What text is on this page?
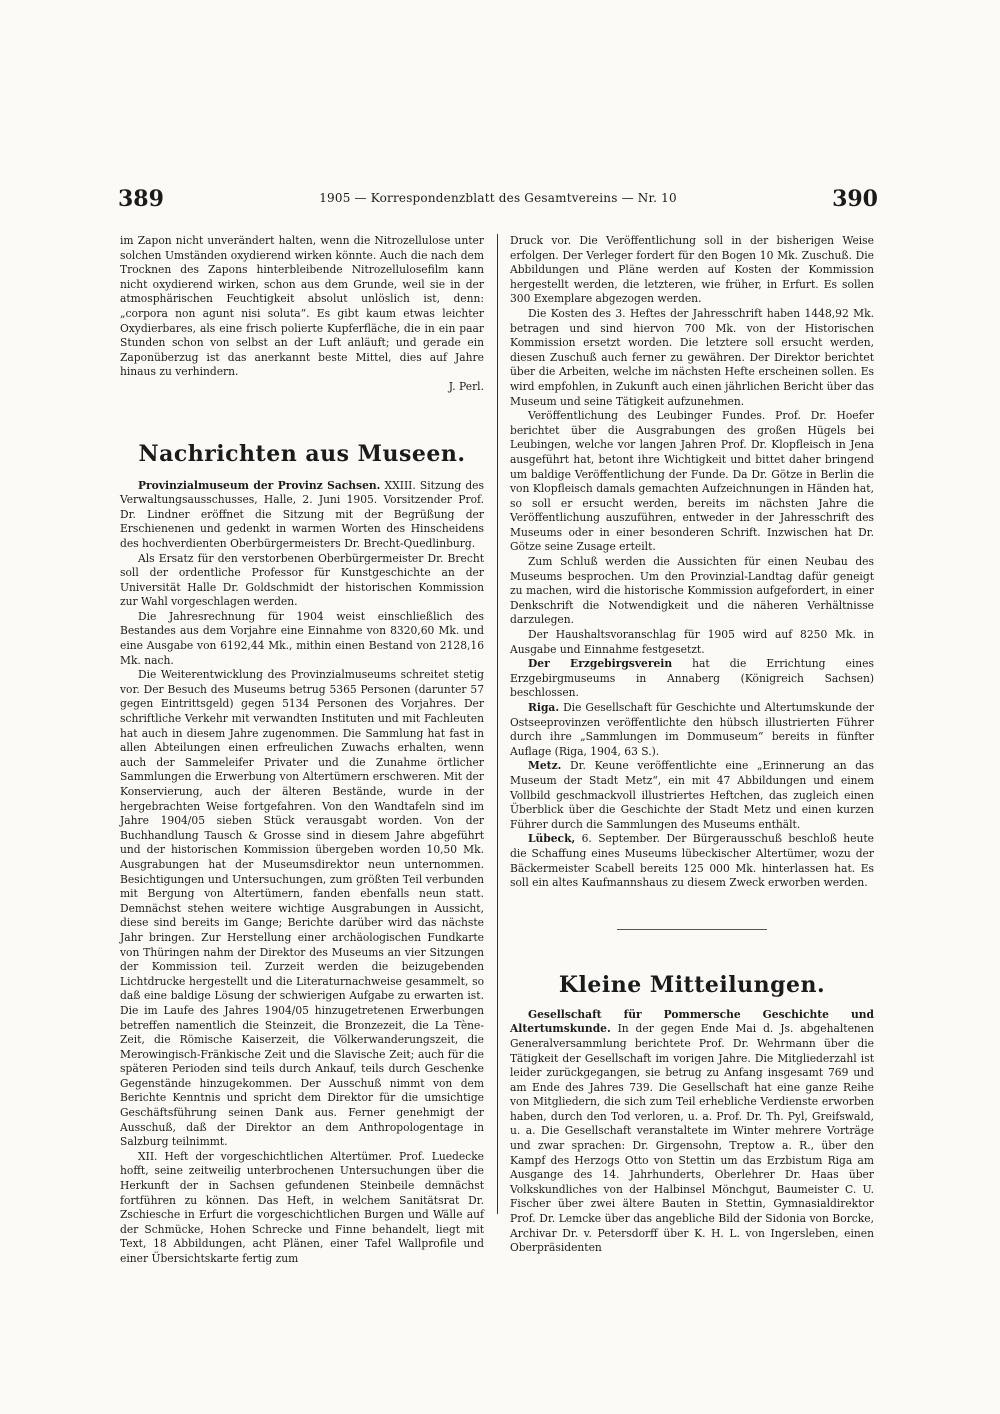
389	1905 — Korrespondenzblatt des Gesamtvereins — Nr. 10	390

im Zapon nicht unverändert halten, wenn die Nitrozellulose unter solchen Umständen oxydierend wirken könnte. Auch die nach dem Trocknen des Zapons hinterbleibende Nitrozellulosefilm kann nicht oxydierend wirken, schon aus dem Grunde, weil sie in der atmosphärischen Feuchtigkeit absolut unlöslich ist, denn: „corpora non agunt nisi soluta“. Es gibt kaum etwas leichter Oxydierbares, als eine frisch polierte Kupferfläche, die in ein paar Stunden schon von selbst an der Luft anläuft; und gerade ein Zaponüberzug ist das anerkannt beste Mittel, dies auf Jahre hinaus zu verhindern.

J. Perl.

Nachrichten aus Museen.

Provinzialmuseum der Provinz Sachsen. XXIII. Sitzung des Verwaltungsausschusses, Halle, 2. Juni 1905. Vorsitzender Prof. Dr. Lindner eröffnet die Sitzung mit der Begrüßung der Erschienenen und gedenkt in warmen Worten des Hinscheidens des hochverdienten Oberbürgermeisters Dr. Brecht-Quedlinburg.

Als Ersatz für den verstorbenen Oberbürgermeister Dr. Brecht soll der ordentliche Professor für Kunstgeschichte an der Universität Halle Dr. Goldschmidt der historischen Kommission zur Wahl vorgeschlagen werden.

Die Jahresrechnung für 1904 weist einschließlich des Bestandes aus dem Vorjahre eine Einnahme von 8320,60 Mk. und eine Ausgabe von 6192,44 Mk., mithin einen Bestand von 2128,16 Mk. nach.

Die Weiterentwicklung des Provinzialmuseums schreitet stetig vor. Der Besuch des Museums betrug 5365 Personen (darunter 57 gegen Eintrittsgeld) gegen 5134 Personen des Vorjahres. Der schriftliche Verkehr mit verwandten Instituten und mit Fachleuten hat auch in diesem Jahre zugenommen. Die Sammlung hat fast in allen Abteilungen einen erfreulichen Zuwachs erhalten, wenn auch der Sammeleifer Privater und die Zunahme örtlicher Sammlungen die Erwerbung von Altertümern erschweren. Mit der Konservierung, auch der älteren Bestände, wurde in der hergebrachten Weise fortgefahren. Von den Wandtafeln sind im Jahre 1904/05 sieben Stück verausgabt worden. Von der Buchhandlung Tausch & Grosse sind in diesem Jahre abgeführt und der historischen Kommission übergeben worden 10,50 Mk. Ausgrabungen hat der Museumsdirektor neun unternommen. Besichtigungen und Untersuchungen, zum größten Teil verbunden mit Bergung von Altertümern, fanden ebenfalls neun statt. Demnächst stehen weitere wichtige Ausgrabungen in Aussicht, diese sind bereits im Gange; Berichte darüber wird das nächste Jahr bringen. Zur Herstellung einer archäologischen Fundkarte von Thüringen nahm der Direktor des Museums an vier Sitzungen der Kommission teil. Zurzeit werden die beizugebenden Lichtdrucke hergestellt und die Literaturnachweise gesammelt, so daß eine baldige Lösung der schwierigen Aufgabe zu erwarten ist. Die im Laufe des Jahres 1904/05 hinzugetretenen Erwerbungen betreffen namentlich die Steinzeit, die Bronzezeit, die La Tène-Zeit, die Römische Kaiserzeit, die Völkerwanderungszeit, die Merowingisch-Fränkische Zeit und die Slavische Zeit; auch für die späteren Perioden sind teils durch Ankauf, teils durch Geschenke Gegenstände hinzugekommen. Der Ausschuß nimmt von dem Berichte Kenntnis und spricht dem Direktor für die umsichtige Geschäftsführung seinen Dank aus. Ferner genehmigt der Ausschuß, daß der Direktor an dem Anthropologentage in Salzburg teilnimmt.

XII. Heft der vorgeschichtlichen Altertümer. Prof. Luedecke hofft, seine zeitweilig unterbrochenen Untersuchungen über die Herkunft der in Sachsen gefundenen Steinbeile demnächst fortführen zu können. Das Heft, in welchem Sanitätsrat Dr. Zschiesche in Erfurt die vorgeschichtlichen Burgen und Wälle auf der Schmücke, Hohen Schrecke und Finne behandelt, liegt mit Text, 18 Abbildungen, acht Plänen, einer Tafel Wallprofile und einer Übersichtskarte fertig zum

Druck vor. Die Veröffentlichung soll in der bisherigen Weise erfolgen. Der Verleger fordert für den Bogen 10 Mk. Zuschuß. Die Abbildungen und Pläne werden auf Kosten der Kommission hergestellt werden, die letzteren, wie früher, in Erfurt. Es sollen 300 Exemplare abgezogen werden.

Die Kosten des 3. Heftes der Jahresschrift haben 1448,92 Mk. betragen und sind hiervon 700 Mk. von der Historischen Kommission ersetzt worden. Die letztere soll ersucht werden, diesen Zuschuß auch ferner zu gewähren. Der Direktor berichtet über die Arbeiten, welche im nächsten Hefte erscheinen sollen. Es wird empfohlen, in Zukunft auch einen jährlichen Bericht über das Museum und seine Tätigkeit aufzunehmen.

Veröffentlichung des Leubinger Fundes. Prof. Dr. Hoefer berichtet über die Ausgrabungen des großen Hügels bei Leubingen, welche vor langen Jahren Prof. Dr. Klopfleisch in Jena ausgeführt hat, betont ihre Wichtigkeit und bittet daher bringend um baldige Veröffentlichung der Funde. Da Dr. Götze in Berlin die von Klopfleisch damals gemachten Aufzeichnungen in Händen hat, so soll er ersucht werden, bereits im nächsten Jahre die Veröffentlichung auszuführen, entweder in der Jahresschrift des Museums oder in einer besonderen Schrift. Inzwischen hat Dr. Götze seine Zusage erteilt.

Zum Schluß werden die Aussichten für einen Neubau des Museums besprochen. Um den Provinzial-Landtag dafür geneigt zu machen, wird die historische Kommission aufgefordert, in einer Denkschrift die Notwendigkeit und die näheren Verhältnisse darzulegen.

Der Haushaltsvoranschlag für 1905 wird auf 8250 Mk. in Ausgabe und Einnahme festgesetzt.

Der Erzgebirgsverein hat die Errichtung eines Erzgebirgmuseums in Annaberg (Königreich Sachsen) beschlossen.

Riga. Die Gesellschaft für Geschichte und Altertumskunde der Ostseeprovinzen veröffentlichte den hübsch illustrierten Führer durch ihre „Sammlungen im Dommuseum“ bereits in fünfter Auflage (Riga, 1904, 63 S.).

Metz. Dr. Keune veröffentlichte eine „Erinnerung an das Museum der Stadt Metz“, ein mit 47 Abbildungen und einem Vollbild geschmackvoll illustriertes Heftchen, das zugleich einen Überblick über die Geschichte der Stadt Metz und einen kurzen Führer durch die Sammlungen des Museums enthält.

Lübeck, 6. September. Der Bürgerausschuß beschloß heute die Schaffung eines Museums lübeckischer Altertümer, wozu der Bäckermeister Scabell bereits 125 000 Mk. hinterlassen hat. Es soll ein altes Kaufmannshaus zu diesem Zweck erworben werden.

Kleine Mitteilungen.

Gesellschaft für Pommersche Geschichte und Altertumskunde. In der gegen Ende Mai d. Js. abgehaltenen Generalversammlung berichtete Prof. Dr. Wehrmann über die Tätigkeit der Gesellschaft im vorigen Jahre. Die Mitgliederzahl ist leider zurückgegangen, sie betrug zu Anfang insgesamt 769 und am Ende des Jahres 739. Die Gesellschaft hat eine ganze Reihe von Mitgliedern, die sich zum Teil erhebliche Verdienste erworben haben, durch den Tod verloren, u. a. Prof. Dr. Th. Pyl, Greifswald, u. a. Die Gesellschaft veranstaltete im Winter mehrere Vorträge und zwar sprachen: Dr. Girgensohn, Treptow a. R., über den Kampf des Herzogs Otto von Stettin um das Erzbistum Riga am Ausgange des 14. Jahrhunderts, Oberlehrer Dr. Haas über Volkskundliches von der Halbinsel Mönchgut, Baumeister C. U. Fischer über zwei ältere Bauten in Stettin, Gymnasialdirektor Prof. Dr. Lemcke über das angebliche Bild der Sidonia von Borcke, Archivar Dr. v. Petersdorff über K. H. L. von Ingersleben, einen Oberpräsidenten
